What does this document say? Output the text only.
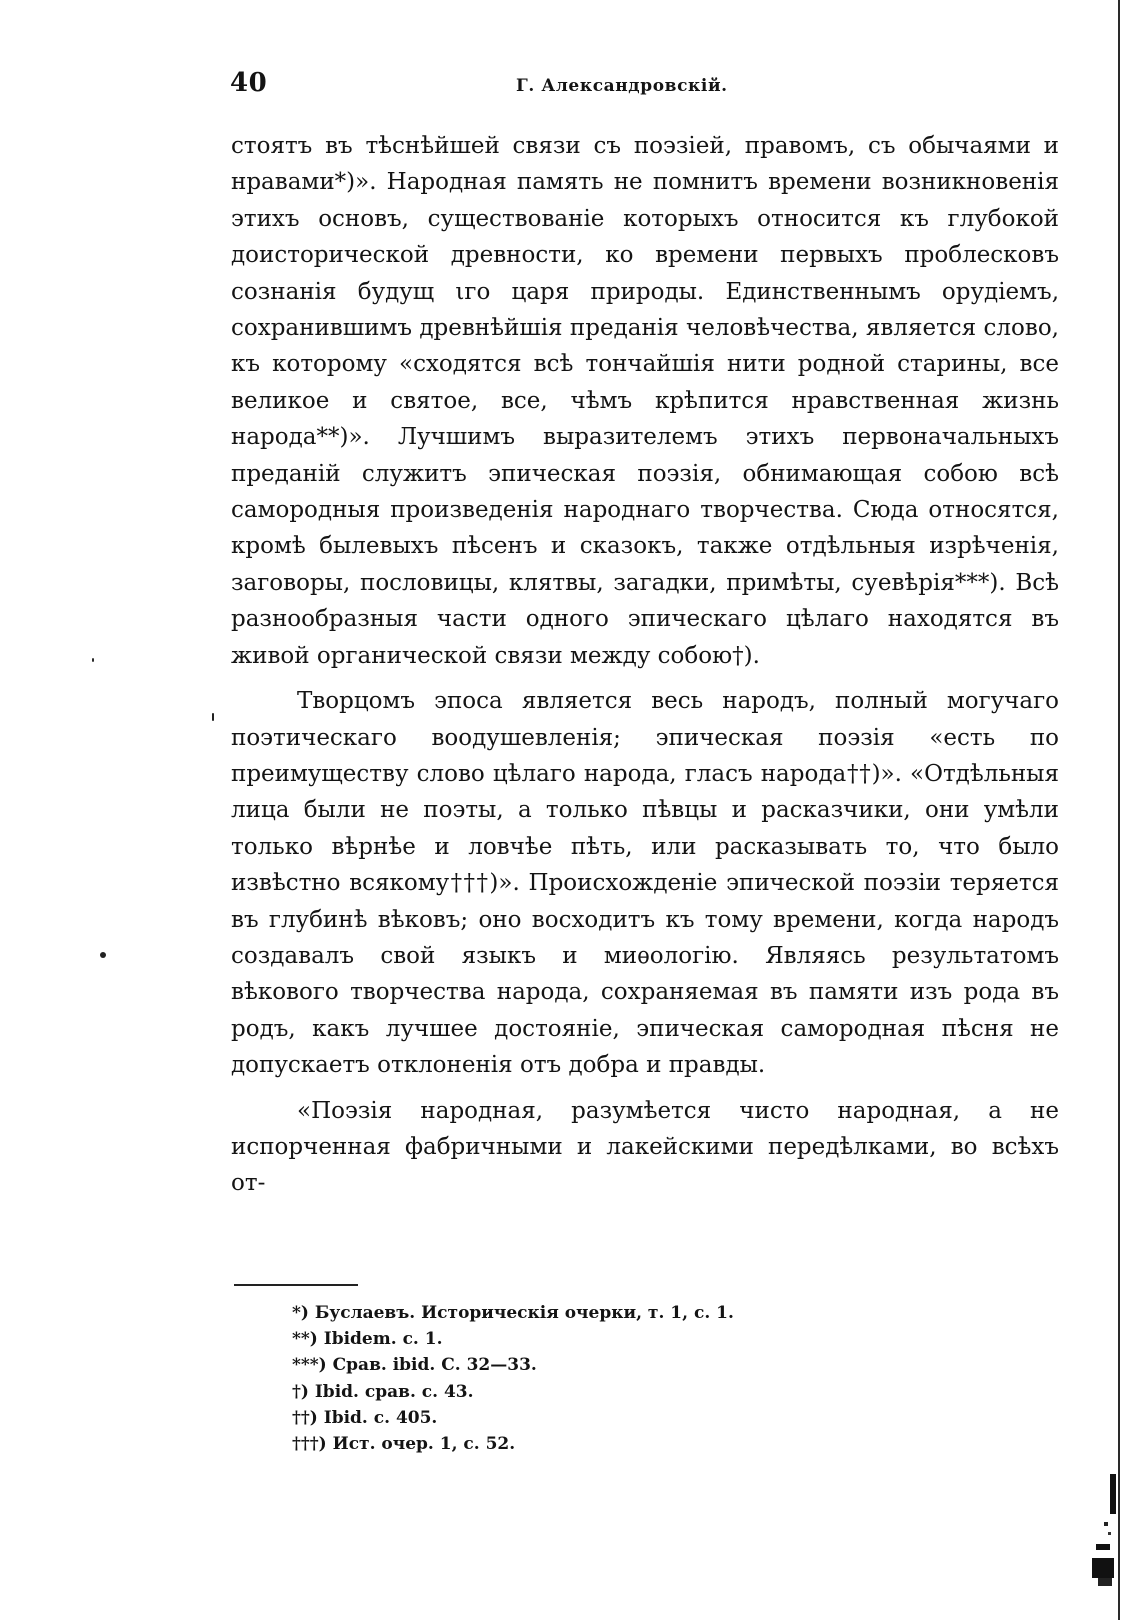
40	Г. Александровскій.

стоятъ въ тѣснѣйшей связи съ поэзіей, правомъ, съ обычаями и нравами*)». Народная память не помнитъ времени возникновенія этихъ основъ, существованіе которыхъ относится къ глубокой доисторической древности, ко времени первыхъ проблесковъ сознанія будущ ιго царя природы. Единственнымъ орудіемъ, сохранившимъ древнѣйшія преданія человѣчества, является слово, къ которому «сходятся всѣ тончайшія нити родной старины, все великое и святое, все, чѣмъ крѣпится нравственная жизнь народа**)». Лучшимъ выразителемъ этихъ первоначальныхъ преданій служитъ эпическая поэзія, обнимающая собою всѣ самородныя произведенія народнаго творчества. Сюда относятся, кромѣ былевыхъ пѣсенъ и сказокъ, также отдѣльныя изрѣченія, заговоры, пословицы, клятвы, загадки, примѣты, суевѣрія***). Всѣ разнообразныя части одного эпическаго цѣлаго находятся въ живой органической связи между собою†).

Творцомъ эпоса является весь народъ, полный могучаго поэтическаго воодушевленія; эпическая поэзія «есть по преимуществу слово цѣлаго народа, гласъ народа††)». «Отдѣльныя лица были не поэты, а только пѣвцы и расказчики, они умѣли только вѣрнѣе и ловчѣе пѣть, или расказывать то, что было извѣстно всякому†††)». Происхожденіе эпической поэзіи теряется въ глубинѣ вѣковъ; оно восходитъ къ тому времени, когда народъ создавалъ свой языкъ и миѳологію. Являясь результатомъ вѣкового творчества народа, сохраняемая въ памяти изъ рода въ родъ, какъ лучшее достояніе, эпическая самородная пѣсня не допускаетъ отклоненія отъ добра и правды.

«Поэзія народная, разумѣется чисто народная, а не испорченная фабричными и лакейскими передѣлками, во всѣхъ от-

*) Буслаевъ. Историческія очерки, т. 1, с. 1.

**) Ibidem. с. 1.

***) Срав. ibid. С. 32—33.

†) Ibid. срав. с. 43.

††) Ibid. с. 405.

†††) Ист. очер. 1, с. 52.
